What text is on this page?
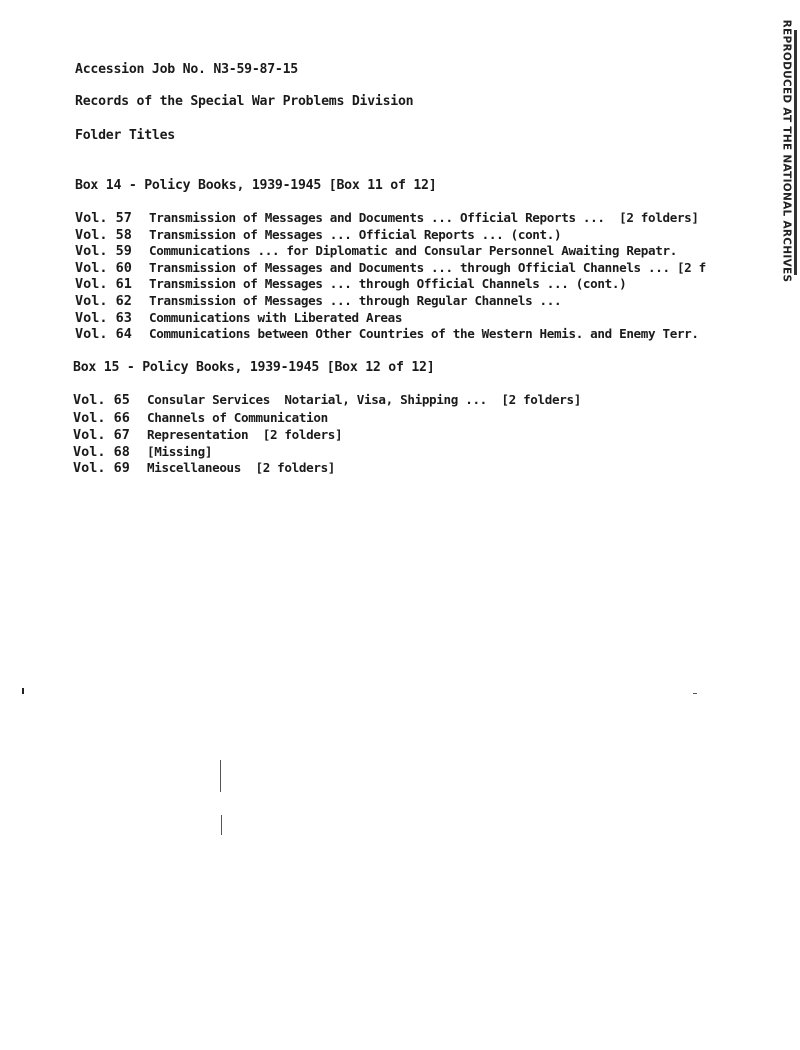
Accession Job No. N3-59-87-15
Records of the Special War Problems Division
Folder Titles
Box 14 - Policy Books, 1939-1945 [Box 11 of 12]
Vol. 57 Transmission of Messages and Documents ... Official Reports ...  [2 folders]
Vol. 58 Transmission of Messages ... Official Reports ... (cont.)
Vol. 59 Communications ... for Diplomatic and Consular Personnel Awaiting Repatr.
Vol. 60 Transmission of Messages and Documents ... through Official Channels ... [2 f
Vol. 61 Transmission of Messages ... through Official Channels ... (cont.)
Vol. 62 Transmission of Messages ... through Regular Channels ...
Vol. 63 Communications with Liberated Areas
Vol. 64 Communications between Other Countries of the Western Hemis. and Enemy Terr.
Box 15 - Policy Books, 1939-1945 [Box 12 of 12]
Vol. 65 Consular Services  Notarial, Visa, Shipping ...  [2 folders]
Vol. 66 Channels of Communication
Vol. 67 Representation  [2 folders]
Vol. 68 [Missing]
Vol. 69 Miscellaneous  [2 folders]
REPRODUCED AT THE NATIONAL ARCHIVES
